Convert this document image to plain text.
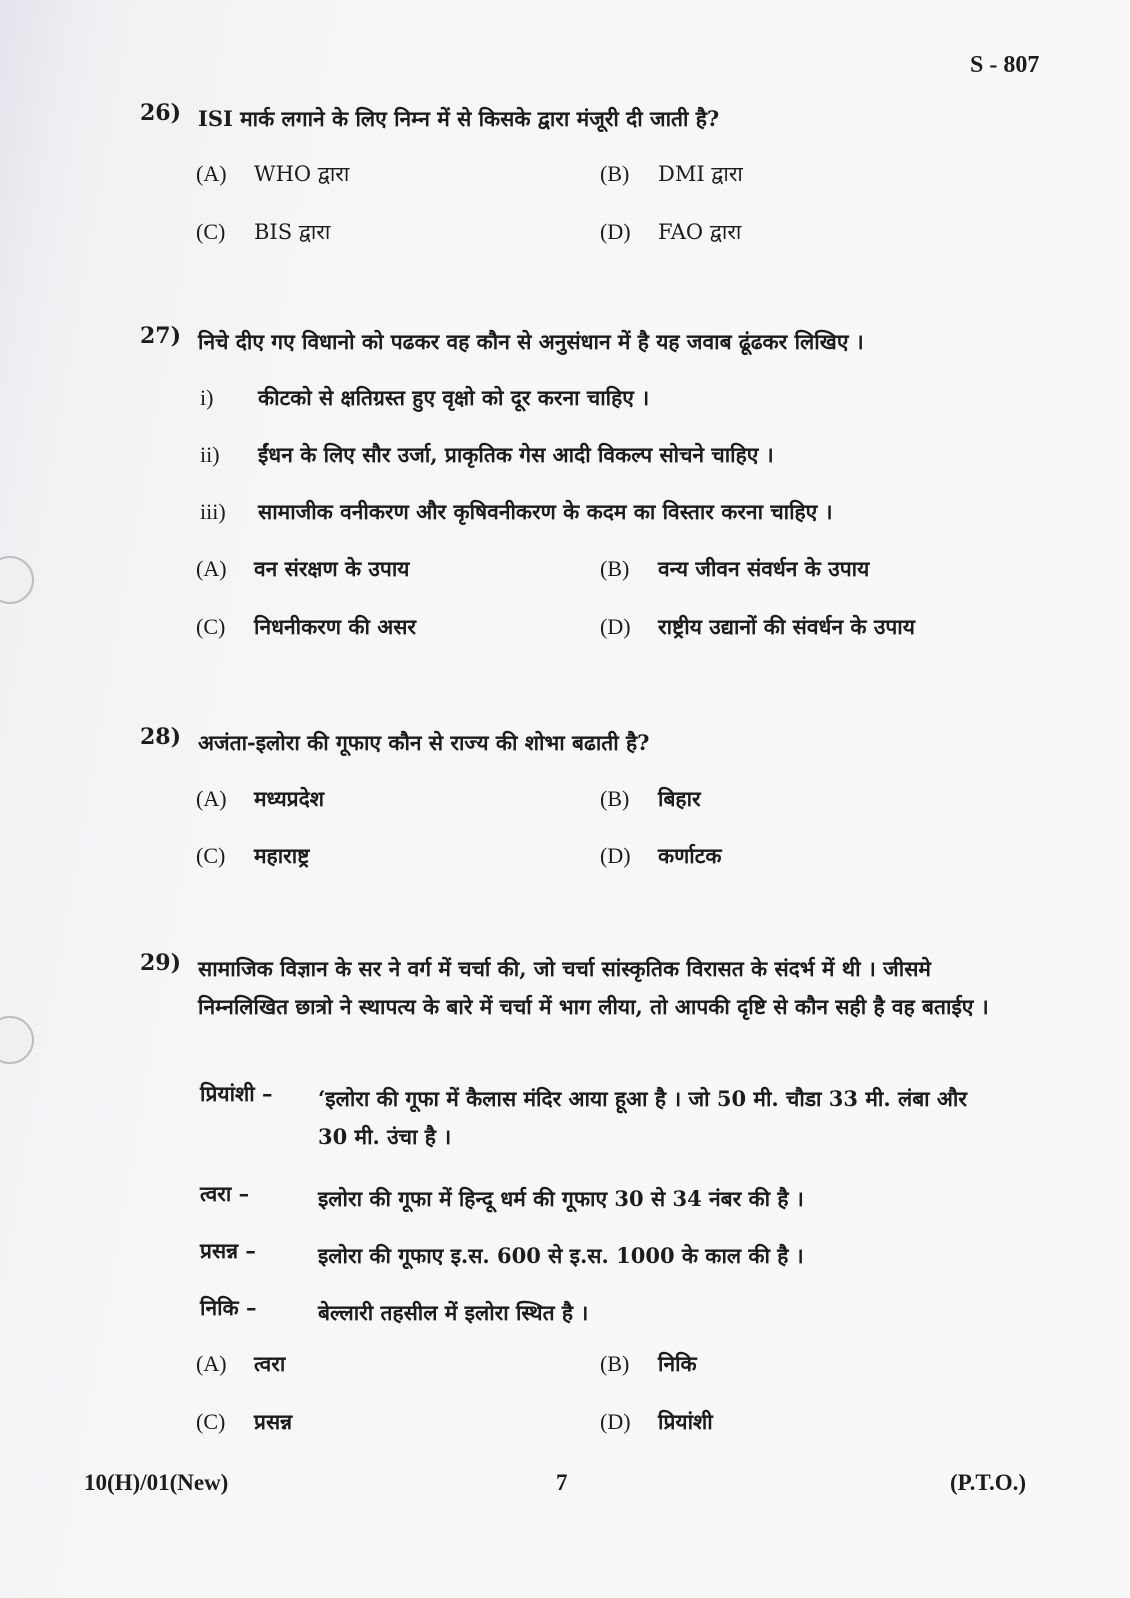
S - 807
26) ISI मार्क लगाने के लिए निम्न में से किसके द्वारा मंजूरी दी जाती है?
(A) WHO द्वारा	(B) DMI द्वारा
(C) BIS द्वारा	(D) FAO द्वारा
27) निचे दीए गए विधानो को पढकर वह कौन से अनुसंधान में है यह जवाब ढूंढकर लिखिए ।
i) कीटको से क्षतिग्रस्त हुए वृक्षो को दूर करना चाहिए ।
ii) ईंधन के लिए सौर उर्जा, प्राकृतिक गेस आदी विकल्प सोचने चाहिए ।
iii) सामाजीक वनीकरण और कृषिवनीकरण के कदम का विस्तार करना चाहिए ।
(A) वन संरक्षण के उपाय	(B) वन्य जीवन संवर्धन के उपाय
(C) निधनीकरण की असर	(D) राष्ट्रीय उद्यानों की संवर्धन के उपाय
28) अजंता-इलोरा की गूफाए कौन से राज्य की शोभा बढाती है?
(A) मध्यप्रदेश	(B) बिहार
(C) महाराष्ट्र	(D) कर्णाटक
29) सामाजिक विज्ञान के सर ने वर्ग में चर्चा की, जो चर्चा सांस्कृतिक विरासत के संदर्भ में थी । जीसमे निम्नलिखित छात्रो ने स्थापत्य के बारे में चर्चा में भाग लीया, तो आपकी दृष्टि से कौन सही है वह बताईए ।
प्रियांशी – ‘इलोरा की गूफा में कैलास मंदिर आया हूआ है । जो 50 मी. चौडा 33 मी. लंबा और 30 मी. उंचा है ।
त्वरा –	इलोरा की गूफा में हिन्दू धर्म की गूफाए 30 से 34 नंबर की है ।
प्रसन्न –	इलोरा की गूफाए इ.स. 600 से इ.स. 1000 के काल की है ।
निकि –	बेल्लारी तहसील में इलोरा स्थित है ।
(A) त्वरा	(B) निकि
(C) प्रसन्न	(D) प्रियांशी
10(H)/01(New)	7	(P.T.O.)
